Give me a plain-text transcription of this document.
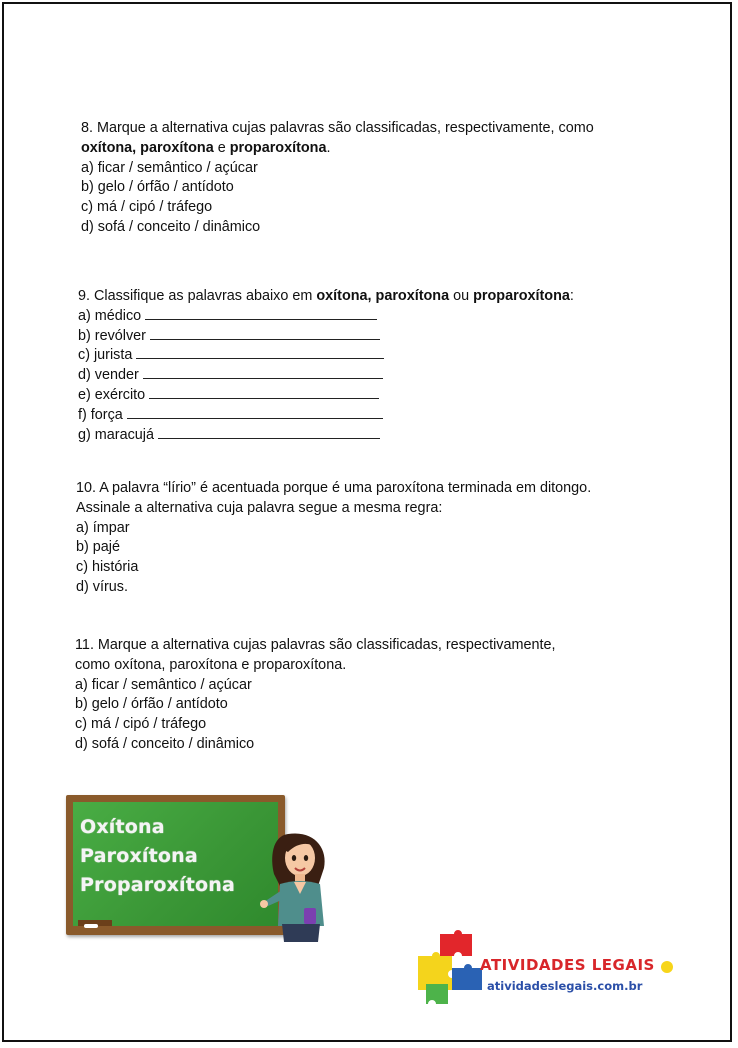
8. Marque a alternativa cujas palavras são classificadas, respectivamente, como
oxítona, paroxítona e proparoxítona.
a) ficar / semântico / açúcar
b) gelo / órfão / antídoto
c) má / cipó / tráfego
d) sofá / conceito / dinâmico
9. Classifique as palavras abaixo em oxítona, paroxítona ou proparoxítona:
a) médico
b) revólver
c) jurista
d) vender
e) exército
f) força
g) maracujá
10. A palavra “lírio” é acentuada porque é uma paroxítona terminada em ditongo.
Assinale a alternativa cuja palavra segue a mesma regra:
a) ímpar
b) pajé
c) história
d) vírus.
11. Marque a alternativa cujas palavras são classificadas, respectivamente,
como oxítona, paroxítona e proparoxítona.
a) ficar / semântico / açúcar
b) gelo / órfão / antídoto
c) má / cipó / tráfego
d) sofá / conceito / dinâmico
Oxítona
Paroxítona
Proparoxítona
ATIVIDADES LEGAIS
atividadeslegais.com.br
